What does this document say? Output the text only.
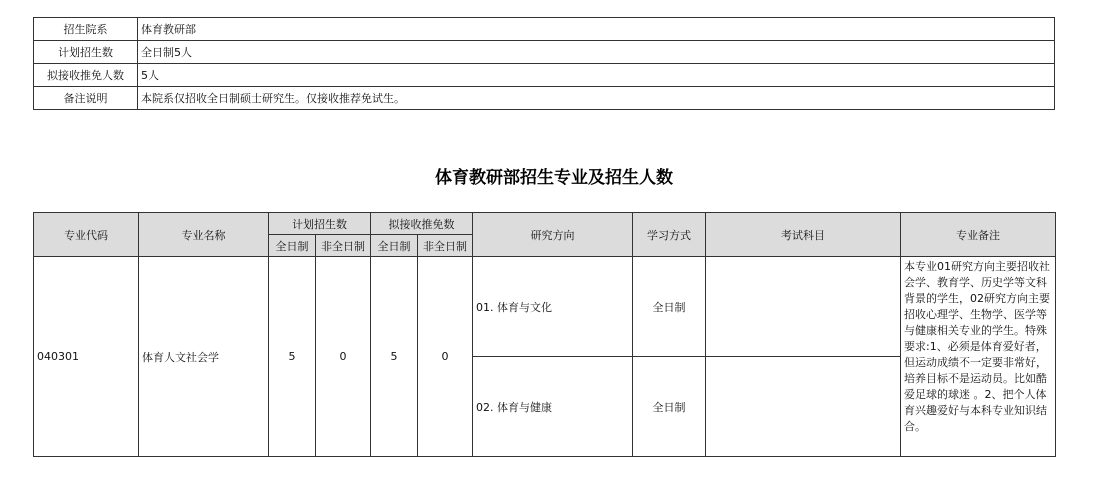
招生院系	体育教研部
计划招生数	全日制5人
拟接收推免人数	5人
备注说明	本院系仅招收全日制硕士研究生。仅接收推荐免试生。
体育教研部招生专业及招生人数
专业代码	专业名称	计划招生数		拟接收推免数		研究方向	学习方式	考试科目	专业备注
		全日制	非全日制	全日制	非全日制				
040301	体育人文社会学	5	0	5	0	01. 体育与文化	全日制		本专业01研究方向主要招收社会学、教育学、历史学等文科背景的学生，02研究方向主要招收心理学、生物学、医学等与健康相关专业的学生。特殊要求:1、必须是体育爱好者，但运动成绩不一定要非常好，培养目标不是运动员。比如酷爱足球的球迷 。2、把个人体育兴趣爱好与本科专业知识结合。
						02. 体育与健康	全日制		
